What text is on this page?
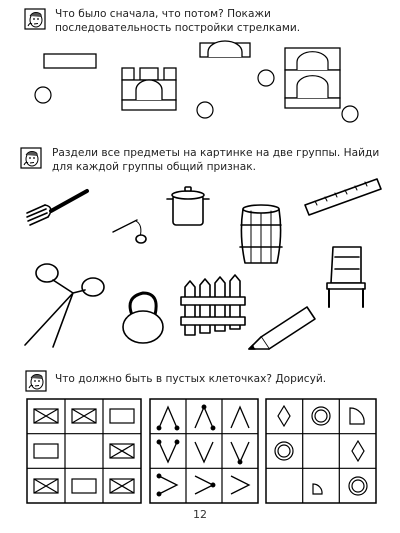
Что было сначала, что потом? Покажи последовательность постройки стрелками.
Раздели все предметы на картинке на две группы. Найди для каждой группы общий признак.
Что должно быть в пустых клеточках? Дорисуй.
12
